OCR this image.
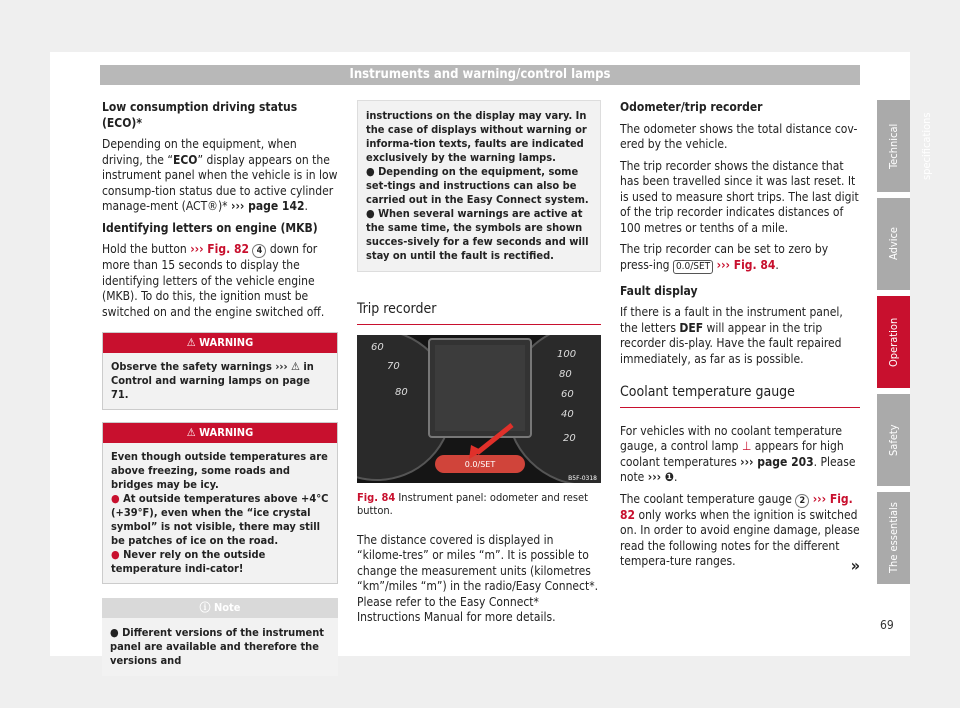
Instruments and warning/control lamps

Low consumption driving status (ECO)*

Depending on the equipment, when driving, the “ECO” display appears on the instrument panel when the vehicle is in low consump-tion status due to active cylinder manage-ment (ACT®)* ››› page 142.

Identifying letters on engine (MKB)

Hold the button ››› Fig. 82 4 down for more than 15 seconds to display the identifying letters of the vehicle engine (MKB). To do this, the ignition must be switched on and the engine switched off.

⚠ WARNING
Observe the safety warnings ››› ⚠ in Control and warning lamps on page 71.
⚠ WARNING
Even though outside temperatures are above freezing, some roads and bridges may be icy.
● At outside temperatures above +4°C (+39°F), even when the “ice crystal symbol” is not visible, there may still be patches of ice on the road.
● Never rely on the outside temperature indi-cator!
ⓘ Note
● Different versions of the instrument panel are available and therefore the versions and
instructions on the display may vary. In the case of displays without warning or informa-tion texts, faults are indicated exclusively by the warning lamps.
● Depending on the equipment, some set-tings and instructions can also be carried out in the Easy Connect system.
● When several warnings are active at the same time, the symbols are shown succes-sively for a few seconds and will stay on until the fault is rectified.
Trip recorder
60
70
80
100
80
60
40
20
0.0/SET
B5F-0318
Fig. 84 Instrument panel: odometer and reset button.

The distance covered is displayed in “kilome-tres” or miles “m”. It is possible to change the measurement units (kilometres “km”/miles “m”) in the radio/Easy Connect*. Please refer to the Easy Connect* Instructions Manual for more details.

Odometer/trip recorder

The odometer shows the total distance cov-ered by the vehicle.

The trip recorder shows the distance that has been travelled since it was last reset. It is used to measure short trips. The last digit of the trip recorder indicates distances of 100 metres or tenths of a mile.

The trip recorder can be set to zero by press-ing 0.0/SET ››› Fig. 84.

Fault display

If there is a fault in the instrument panel, the letters DEF will appear in the trip recorder dis-play. Have the fault repaired immediately, as far as is possible.

Coolant temperature gauge

For vehicles with no coolant temperature gauge, a control lamp ⊥ appears for high coolant temperatures ››› page 203. Please note ››› ❶.

The coolant temperature gauge 2 ››› Fig. 82 only works when the ignition is switched on. In order to avoid engine damage, please read the following notes for the different tempera-ture ranges.	»
Technical specifications
Advice
Operation
Safety
The essentials
69
